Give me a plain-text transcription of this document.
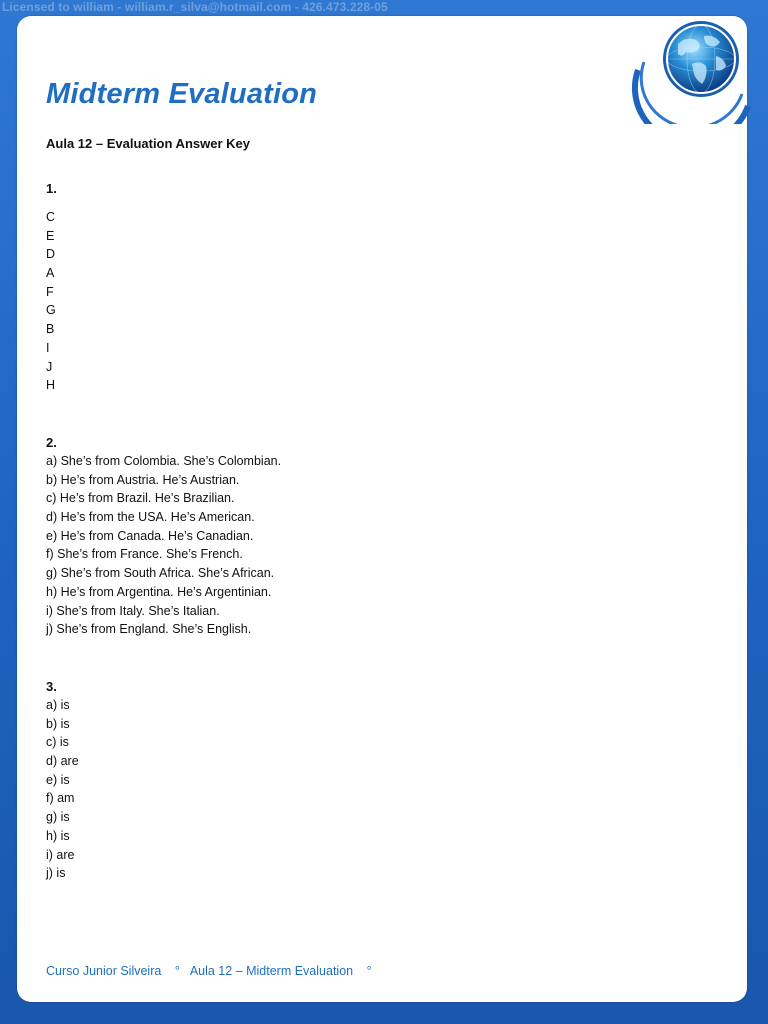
Licensed to william - william.r_silva@hotmail.com - 426.473.228-05
Midterm Evaluation

Aula 12 – Evaluation Answer Key

1.
C
E
D
A
F
G
B
I
J
H
2.
a) She’s from Colombia. She’s Colombian.
b) He’s from Austria. He’s Austrian.
c) He’s from Brazil. He’s Brazilian.
d) He’s from the USA. He’s American.
e) He’s from Canada. He’s Canadian.
f) She’s from France. She’s French.
g) She’s from South Africa. She’s African.
h) He’s from Argentina. He’s Argentinian.
i) She’s from Italy. She’s Italian.
j) She’s from England. She’s English.
3.
a) is
b) is
c) is
d) are
e) is
f) am
g) is
h) is
i) are
j) is
Curso Junior Silveira ° Aula 12 – Midterm Evaluation °
